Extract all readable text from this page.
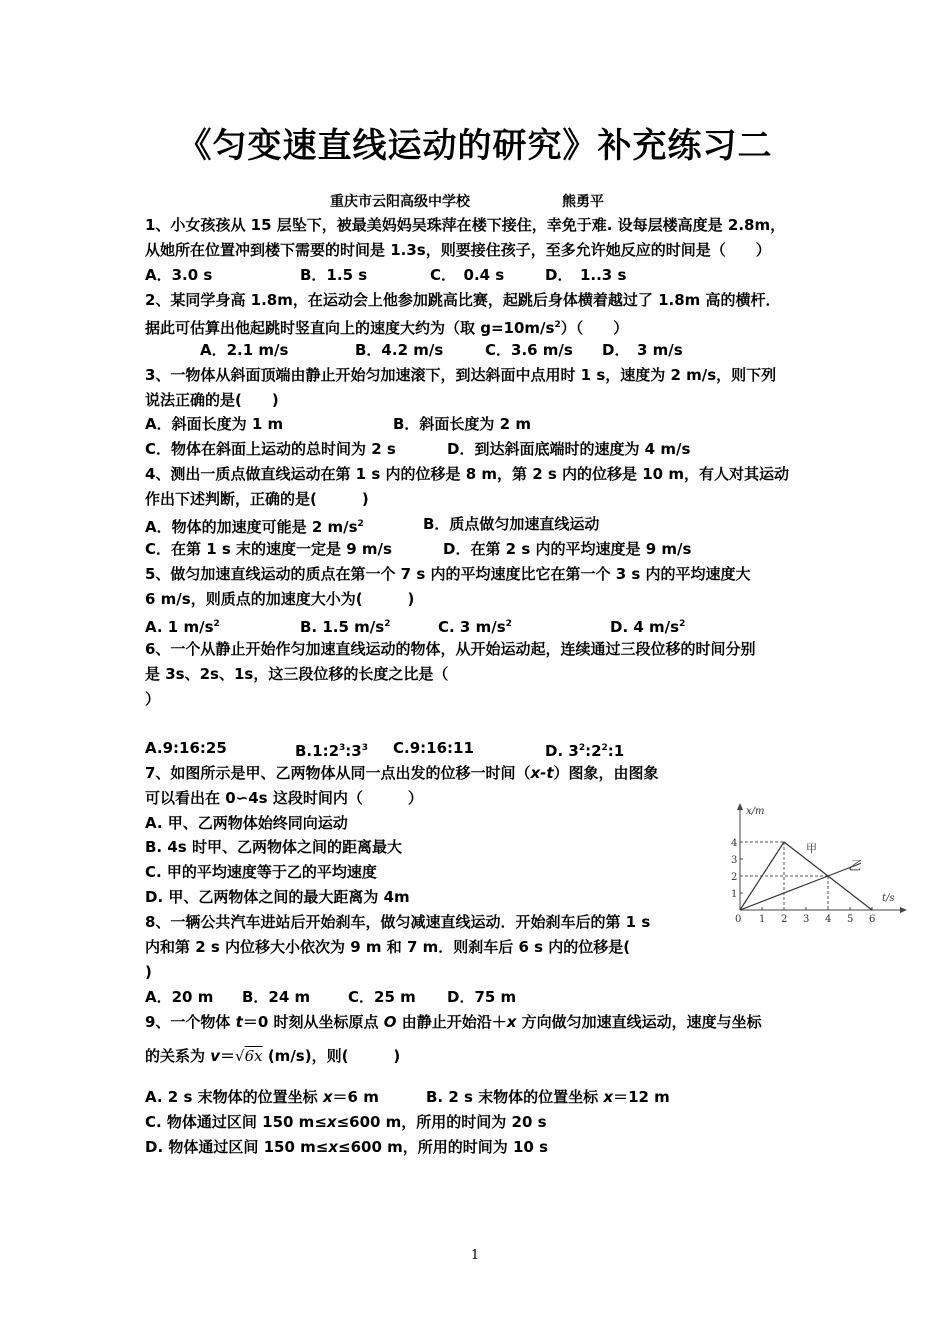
《匀变速直线运动的研究》补充练习二
重庆市云阳高级中学校	熊勇平
1、小女孩孩从 15 层坠下，被最美妈妈吴珠萍在楼下接住，幸免于难. 设每层楼高度是 2.8m，
从她所在位置冲到楼下需要的时间是 1.3s，则要接住孩子，至多允许她反应的时间是（　　）
A．3.0 s	B．1.5 s	C．　0.4 s	D．　1..3 s
2、某同学身高 1.8m，在运动会上他参加跳高比赛，起跳后身体横着越过了 1.8m 高的横杆．
据此可估算出他起跳时竖直向上的速度大约为（取 $g=10m/s^2$）（　　）
A．2.1 m/s	B．4.2 m/s	C．3.6 m/s D．　3 m/s
3、一物体从斜面顶端由静止开始匀加速滚下，到达斜面中点用时 1 s，速度为 2 m/s，则下列
说法正确的是(　　)
A．斜面长度为 1 m	B．斜面长度为 2 m
C．物体在斜面上运动的总时间为 2 s	D．到达斜面底端时的速度为 4 m/s
4、测出一质点做直线运动在第 1 s 内的位移是 8 m，第 2 s 内的位移是 10 m，有人对其运动
作出下述判断，正确的是(　　　)
A．物体的加速度可能是 2 $m/s^2$	B．质点做匀加速直线运动
C．在第 1 s 末的速度一定是 9 m/s	D．在第 2 s 内的平均速度是 9 m/s
5、做匀加速直线运动的质点在第一个 7 s 内的平均速度比它在第一个 3 s 内的平均速度大
6 m/s，则质点的加速度大小为(　　　)
A. 1 $m/s^2$	B. 1.5 $m/s^2$	C. 3 $m/s^2$	D. 4 $m/s^2$
6、一个从静止开始作匀加速直线运动的物体，从开始运动起，连续通过三段位移的时间分别
是 3s、2s、1s，这三段位移的长度之比是（
）
A.9:16:25	$B.1:2^3:3^3$ C.9:16:11	D. $3^2:2^2:1$
7、如图所示是甲、乙两物体从同一点出发的位移一时间（x-t）图象，由图象
可以看出在 0∽4s 这段时间内（　　　）
A. 甲、乙两物体始终同向运动
B. 4s 时甲、乙两物体之间的距离最大
C. 甲的平均速度等于乙的平均速度
D. 甲、乙两物体之间的最大距离为 4m
1 2 3 4 5 6
4
3
2
1
x/m
t/s
0
甲
乙
8、一辆公共汽车进站后开始刹车，做匀减速直线运动．开始刹车后的第 1 s
内和第 2 s 内位移大小依次为 9 m 和 7 m．则刹车后 6 s 内的位移是(
)
A．20 m B．24 m	C．25 m D．75 m
9、一个物体 t＝0 时刻从坐标原点 O 由静止开始沿＋x 方向做匀加速直线运动，速度与坐标
的关系为 v＝√6x (m/s)，则(　　　)
A. 2 s 末物体的位置坐标 x＝6 m	B. 2 s 末物体的位置坐标 x＝12 m
C. 物体通过区间 150 m≤x≤600 m，所用的时间为 20 s
D. 物体通过区间 150 m≤x≤600 m，所用的时间为 10 s
1
